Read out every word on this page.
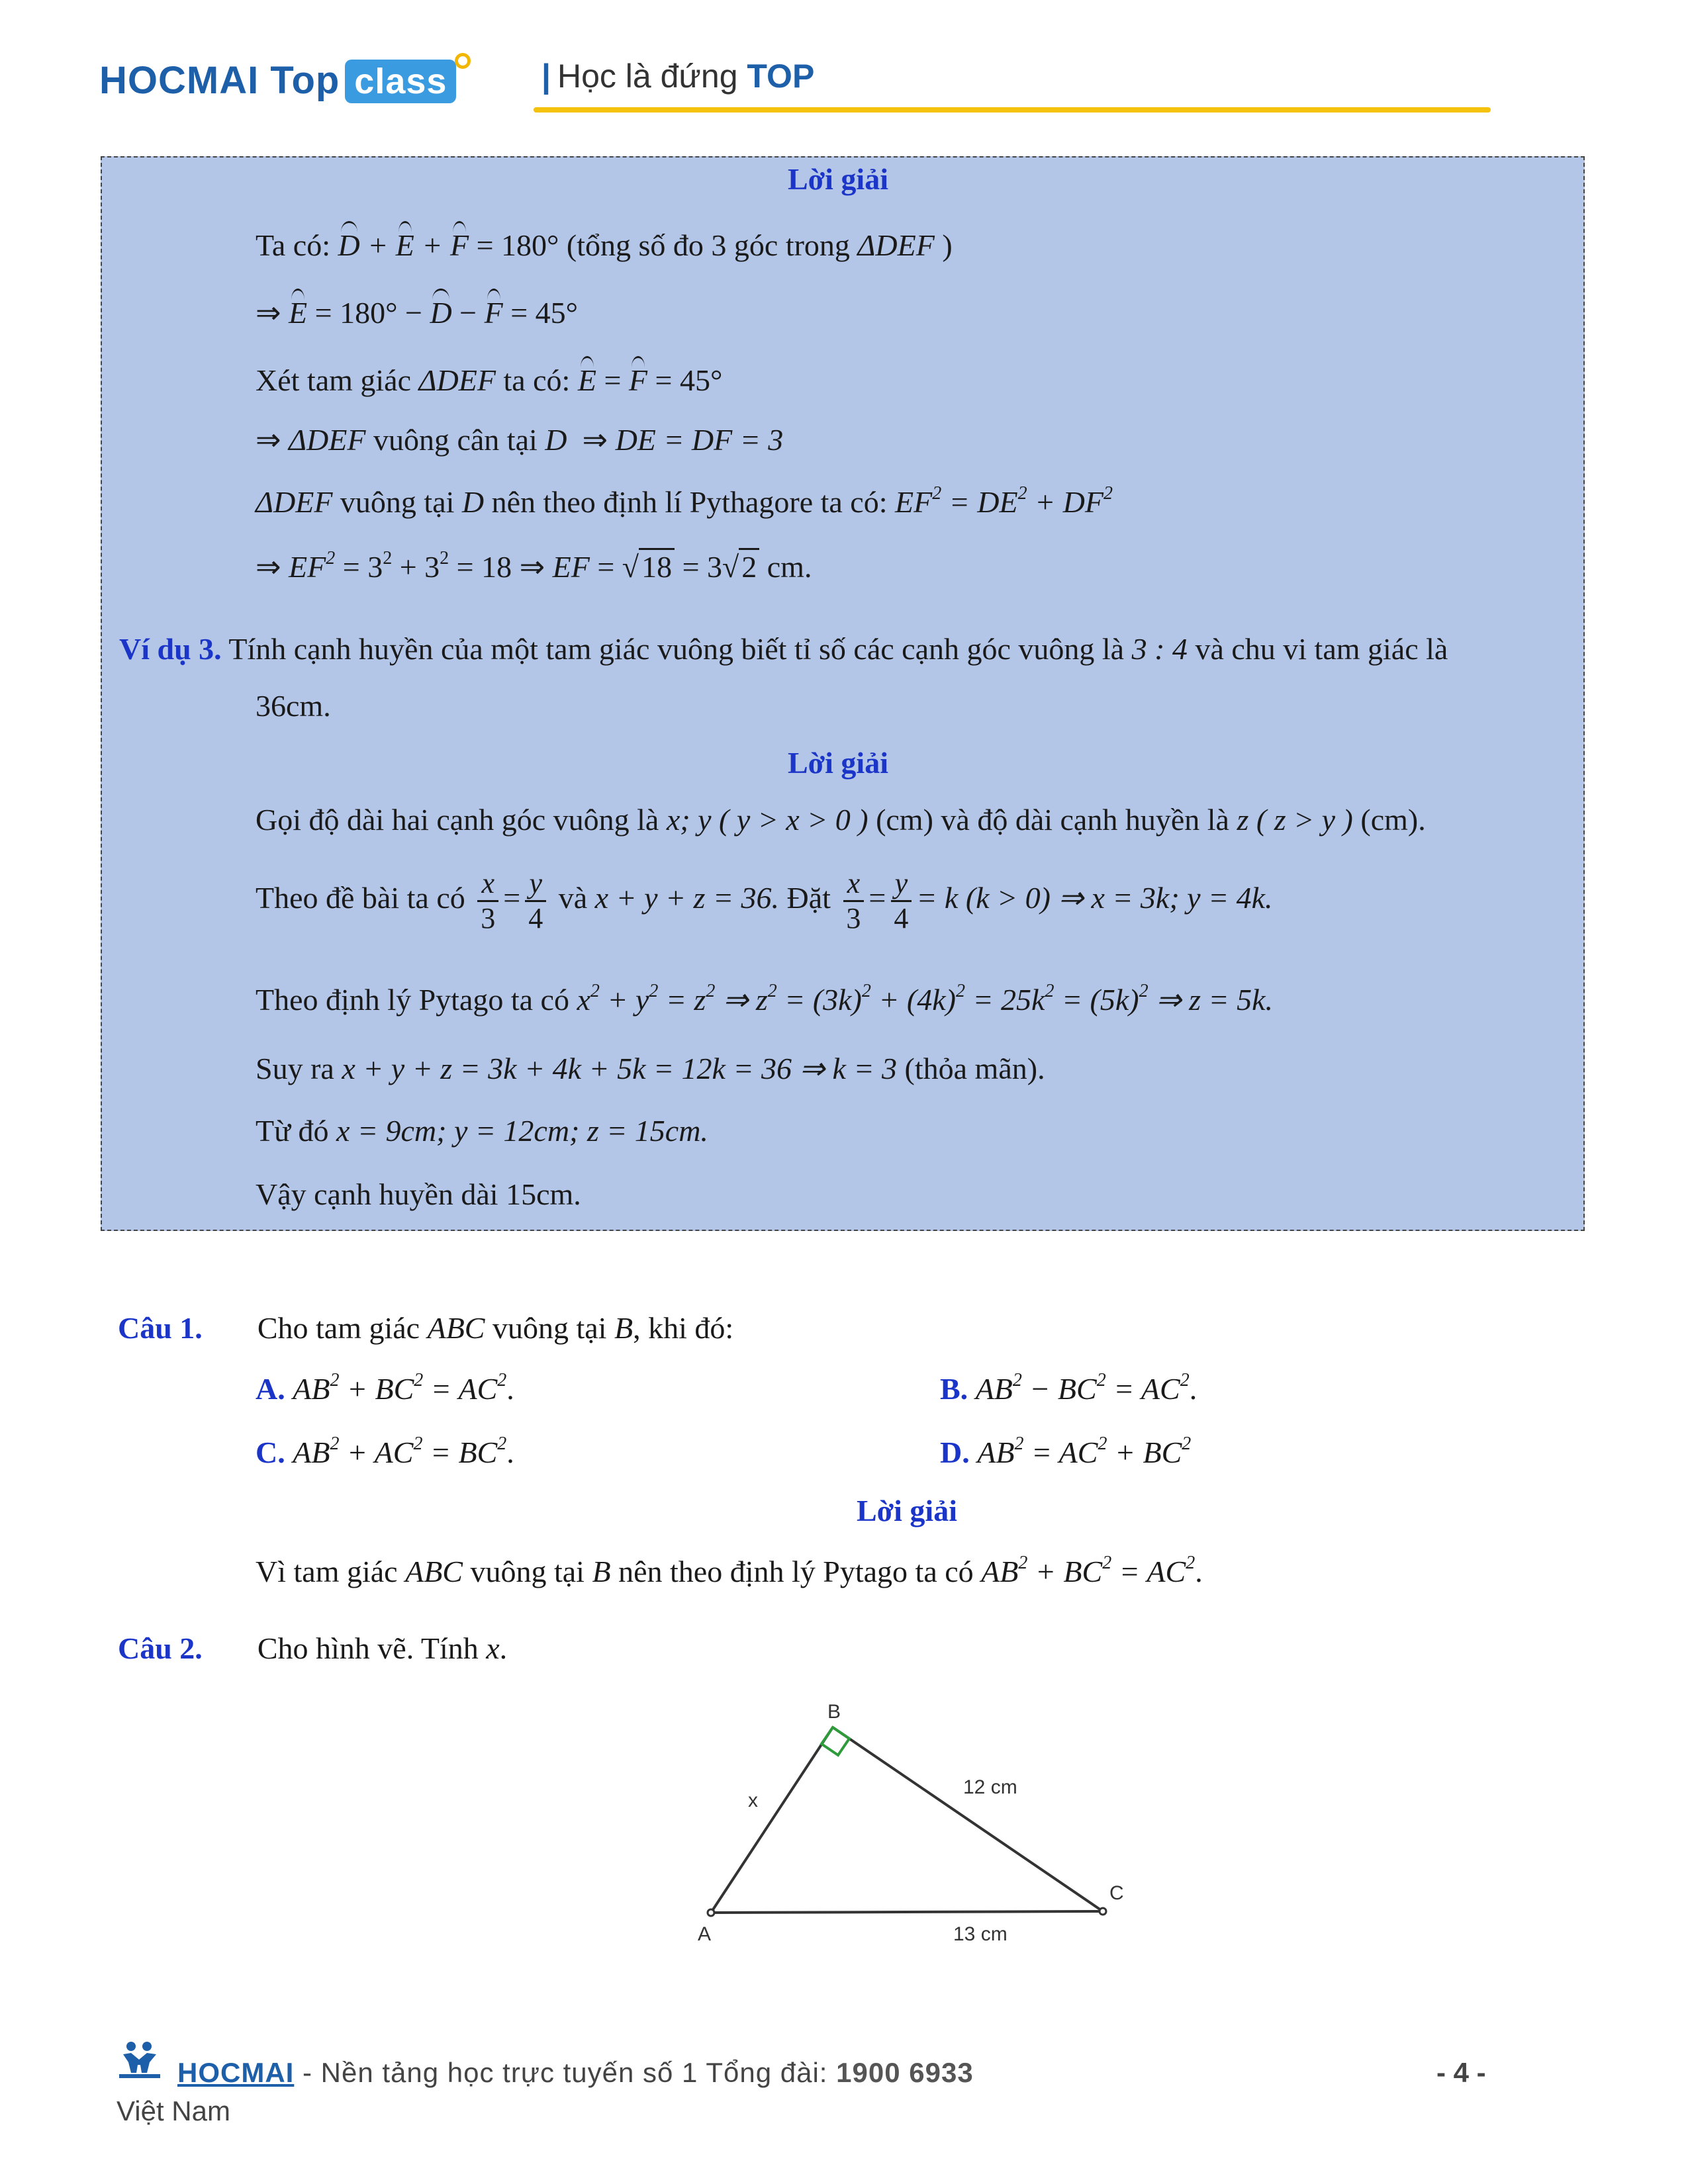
HOCMAI Top class	| Học là đứng TOP
Lời giải
Ta có: D + E + F = 180° (tổng số đo 3 góc trong ΔDEF )
⇒ E = 180° − D − F = 45°
Xét tam giác ΔDEF ta có: E = F = 45°
⇒ ΔDEF vuông cân tại D  ⇒ DE = DF = 3
ΔDEF vuông tại D nên theo định lí Pythagore ta có: $EF^2 = DE^2 + DF^2$
⇒ $EF^2 = 3^2 + 3^2 = 18$ ⇒ EF = √18 = 3√2 cm.
Ví dụ 3. Tính cạnh huyền của một tam giác vuông biết tỉ số các cạnh góc vuông là 3 : 4 và chu vi tam giác là
36cm.
Lời giải
Gọi độ dài hai cạnh góc vuông là x; y ( y > x > 0 ) (cm) và độ dài cạnh huyền là z ( z > y ) (cm).
Theo đề bài ta có $\frac{x}{3} = \frac{y}{4}$ và x + y + z = 36. Đặt $\frac{x}{3} = \frac{y}{4} = k$ (k > 0) ⇒ x = 3k; y = 4k.
Theo định lý Pytago ta có $x^2 + y^2 = z^2$ ⇒ $z^2 = (3k)^2 + (4k)^2 = 25k^2 = (5k)^2$ ⇒ z = 5k.
Suy ra x + y + z = 3k + 4k + 5k = 12k = 36 ⇒ k = 3 (thỏa mãn).
Từ đó x = 9cm; y = 12cm; z = 15cm.
Vậy cạnh huyền dài 15cm.
Câu 1. Cho tam giác ABC vuông tại B, khi đó:
A. $AB^2 + BC^2 = AC^2$.	B. $AB^2 - BC^2 = AC^2$.
C. $AB^2 + AC^2 = BC^2$.	D. $AB^2 = AC^2 + BC^2$
Lời giải
Vì tam giác ABC vuông tại B nên theo định lý Pytago ta có $AB^2 + BC^2 = AC^2$.
Câu 2. Cho hình vẽ. Tính x.
A
B
C
x
12 cm
13 cm
HOCMAI - Nền tảng học trực tuyến số 1 Tổng đài: 1900 6933	- 4 -
Việt Nam
